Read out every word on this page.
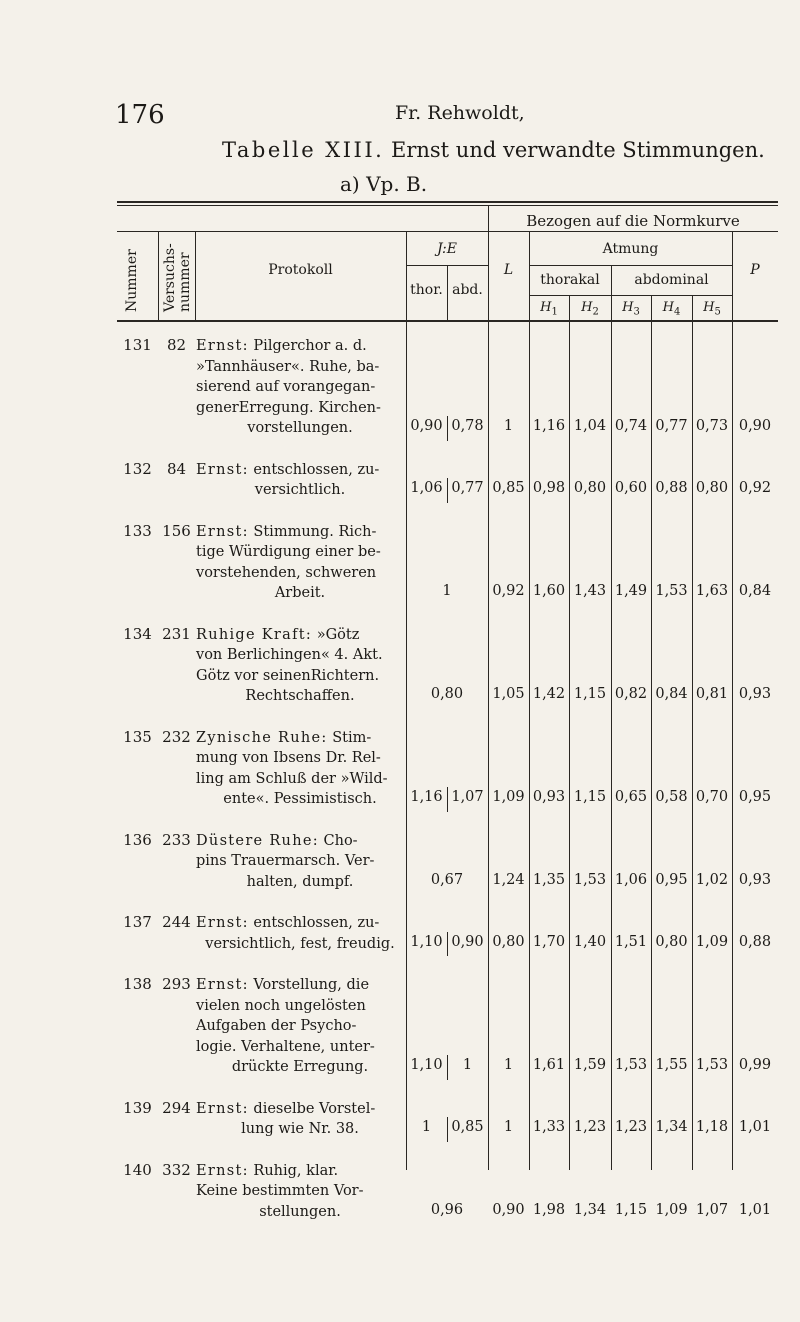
176	Fr. Rehwoldt,
Tabelle XIII. Ernst und verwandte Stimmungen.
a) Vp. B.
Bezogen auf die Normkurve
Nummer Versuchs- nummer	Protokoll
J:E
thor. abd.
L
Atmung
thorakal	abdominal
$H_1$	$H_2$	$H_3$	$H_4$	$H_5$
P
131	82 Ernst: Pilgerchor a. d.
»Tannhäuser«. Ruhe, ba-
sierend auf vorangegan-
generErregung. Kirchen-
vorstellungen.	0,90 0,78	1	1,16 1,04 0,74 0,77 0,73 0,90
132	84 Ernst: entschlossen, zu-
versichtlich.	1,06 0,77 0,85 0,98 0,80 0,60 0,88 0,80 0,92
133 156 Ernst: Stimmung. Rich-
tige Würdigung einer be-
vorstehenden, schweren
Arbeit.	1	0,92 1,60 1,43 1,49 1,53 1,63 0,84
134 231 Ruhige Kraft: »Götz
von Berlichingen« 4. Akt.
Götz vor seinenRichtern.
Rechtschaffen.	0,80	1,05 1,42 1,15 0,82 0,84 0,81 0,93
135 232 Zynische Ruhe: Stim-
mung von Ibsens Dr. Rel-
ling am Schluß der »Wild-
ente«. Pessimistisch.	1,16 1,07 1,09 0,93 1,15 0,65 0,58 0,70 0,95
136 233 Düstere Ruhe: Cho-
pins Trauermarsch. Ver-
halten, dumpf.	0,67	1,24 1,35 1,53 1,06 0,95 1,02 0,93
137 244 Ernst: entschlossen, zu-
versichtlich, fest, freudig.	1,10 0,90 0,80 1,70 1,40 1,51 0,80 1,09 0,88
138 293 Ernst: Vorstellung, die
vielen noch ungelösten
Aufgaben der Psycho-
logie. Verhaltene, unter-
drückte Erregung.	1,10	1	1	1,61 1,59 1,53 1,55 1,53 0,99
139 294 Ernst: dieselbe Vorstel-
lung wie Nr. 38.	1	0,85	1	1,33 1,23 1,23 1,34 1,18 1,01
140 332 Ernst: Ruhig, klar.
Keine bestimmten Vor-
stellungen.	0,96	0,90 1,98 1,34 1,15 1,09 1,07 1,01
